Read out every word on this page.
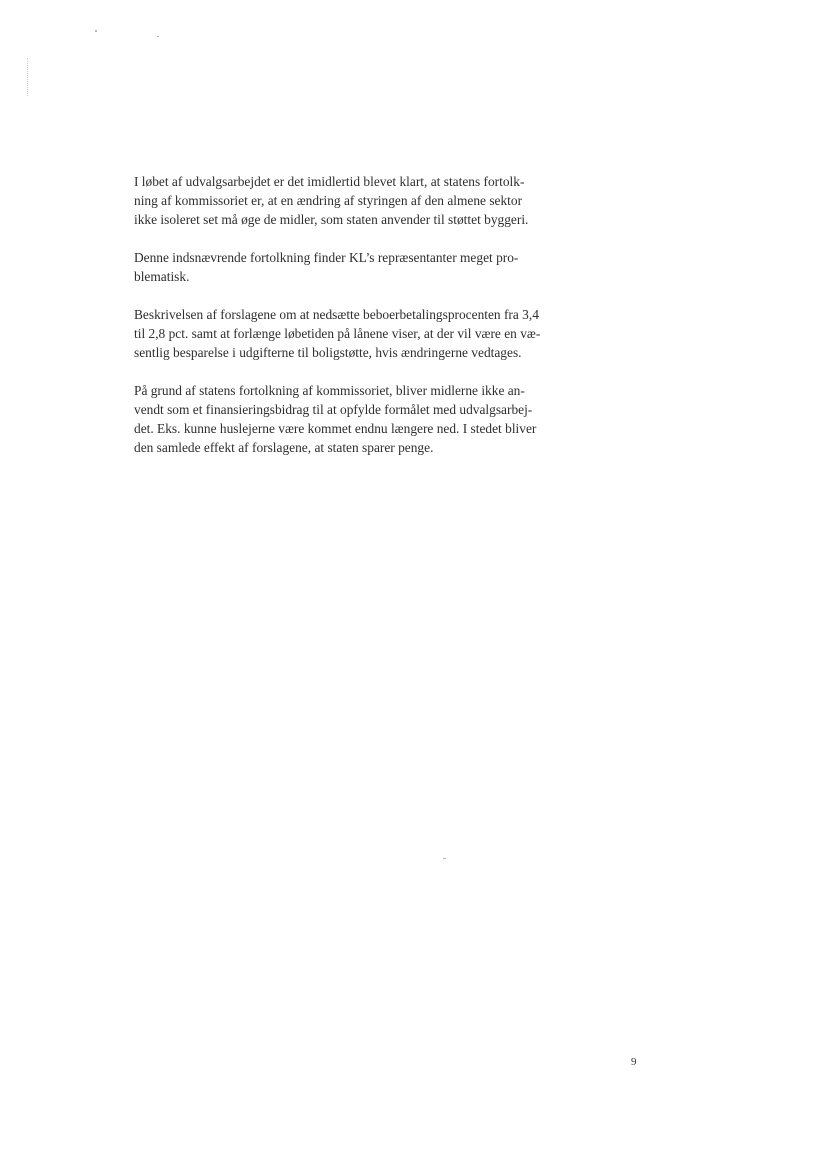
I løbet af udvalgsarbejdet er det imidlertid blevet klart, at statens fortolk-
ning af kommissoriet er, at en ændring af styringen af den almene sektor
ikke isoleret set må øge de midler, som staten anvender til støttet byggeri.

Denne indsnævrende fortolkning finder KL’s repræsentanter meget pro-
blematisk.

Beskrivelsen af forslagene om at nedsætte beboerbetalingsprocenten fra 3,4
til 2,8 pct. samt at forlænge løbetiden på lånene viser, at der vil være en væ-
sentlig besparelse i udgifterne til boligstøtte, hvis ændringerne vedtages.

På grund af statens fortolkning af kommissoriet, bliver midlerne ikke an-
vendt som et finansieringsbidrag til at opfylde formålet med udvalgsarbej-
det. Eks. kunne huslejerne være kommet endnu længere ned. I stedet bliver
den samlede effekt af forslagene, at staten sparer penge.

9
